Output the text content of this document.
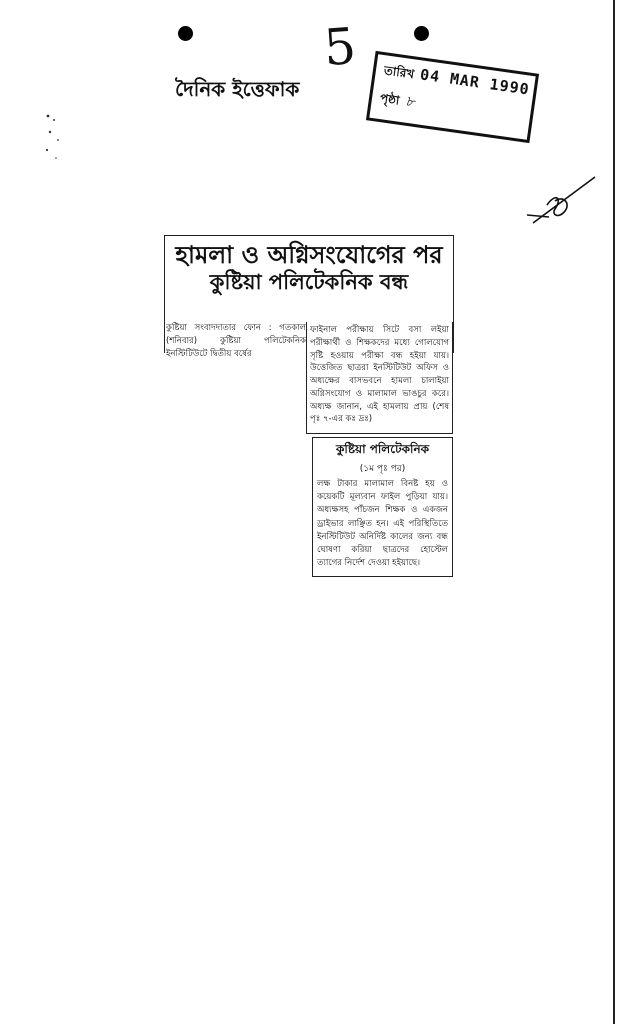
5
দৈনিক ইত্তেফাক
তারিখ 04 MAR 1990
পৃষ্ঠা ৮
হামলা ও অগ্নিসংযোগের পর
কুষ্টিয়া পলিটেকনিক বন্ধ
কুষ্টিয়া সংবাদদাতার ফোন : গতকাল (শনিবার) কুষ্টিয়া পলিটেকনিক ইনস্টিটিউটে দ্বিতীয় বর্ষের
ফাইনাল পরীক্ষায় সিটে বসা লইয়া পরীক্ষার্থী ও শিক্ষকদের মধ্যে গোলযোগ সৃষ্টি হওয়ায় পরীক্ষা বন্ধ হইয়া যায়। উত্তেজিত ছাত্ররা ইনস্টিটিউট অফিস ও অধ্যক্ষের বাসভবনে হামলা চালাইয়া অগ্নিসংযোগ ও মালামাল ভাঙচুর করে। অধ্যক্ষ জানান, এই হামলায় প্রায় (শেষ পৃঃ ৭-এর কঃ দ্রঃ)
কুষ্টিয়া পলিটেকনিক
(১ম পৃঃ পর)
লক্ষ টাকার মালামাল বিনষ্ট হয় ও কয়েকটি মূল্যবান ফাইল পুড়িয়া যায়। অধ্যক্ষসহ পাঁচজন শিক্ষক ও একজন ড্রাইভার লাঞ্ছিত হন। এই পরিস্থিতিতে ইনস্টিটিউট অনির্দিষ্ট কালের জন্য বন্ধ ঘোষণা করিয়া ছাত্রদের হোস্টেল ত্যাগের নির্দেশ দেওয়া হইয়াছে।
